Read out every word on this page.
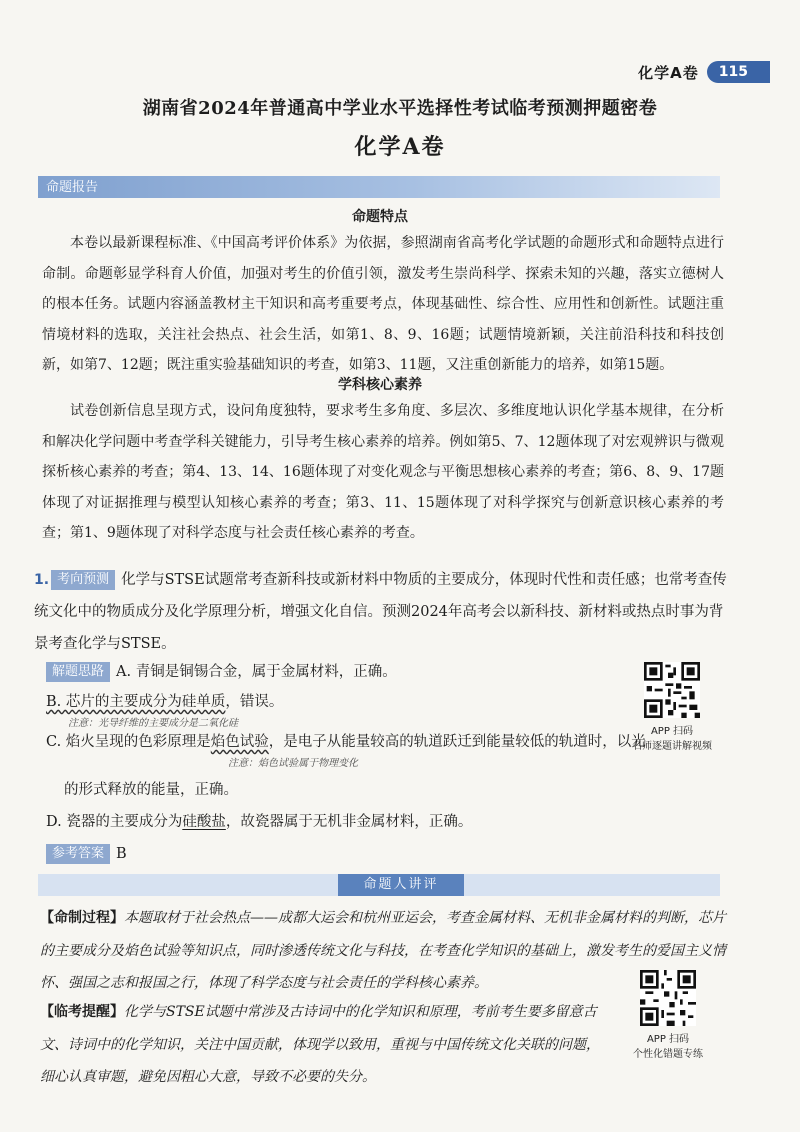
化学A卷	115
湖南省2024年普通高中学业水平选择性考试临考预测押题密卷
化学A卷
命题报告
命题特点

本卷以最新课程标准、《中国高考评价体系》为依据，参照湖南省高考化学试题的命题形式和命题特点进行命制。命题彰显学科育人价值，加强对考生的价值引领，激发考生崇尚科学、探索未知的兴趣，落实立德树人的根本任务。试题内容涵盖教材主干知识和高考重要考点，体现基础性、综合性、应用性和创新性。试题注重情境材料的选取，关注社会热点、社会生活，如第1、8、9、16题；试题情境新颖，关注前沿科技和科技创新，如第7、12题；既注重实验基础知识的考查，如第3、11题，又注重创新能力的培养，如第15题。

学科核心素养

试卷创新信息呈现方式，设问角度独特，要求考生多角度、多层次、多维度地认识化学基本规律，在分析和解决化学问题中考查学科关键能力，引导考生核心素养的培养。例如第5、7、12题体现了对宏观辨识与微观探析核心素养的考查；第4、13、14、16题体现了对变化观念与平衡思想核心素养的考查；第6、8、9、17题体现了对证据推理与模型认知核心素养的考查；第3、11、15题体现了对科学探究与创新意识核心素养的考查；第1、9题体现了对科学态度与社会责任核心素养的考查。

1. 考向预测 化学与STSE试题常考查新科技或新材料中物质的主要成分，体现时代性和责任感；也常考查传统文化中的物质成分及化学原理分析，增强文化自信。预测2024年高考会以新科技、新材料或热点时事为背景考查化学与STSE。
解题思路 A. 青铜是铜锡合金，属于金属材料，正确。
B. 芯片的主要成分为硅单质，错误。
注意：光导纤维的主要成分是二氧化硅
C. 焰火呈现的色彩原理是焰色试验，是电子从能量较高的轨道跃迁到能量较低的轨道时，以光
注意：焰色试验属于物理变化
的形式释放的能量，正确。
D. 瓷器的主要成分为硅酸盐，故瓷器属于无机非金属材料，正确。
参考答案 B
APP 扫码
名师逐题讲解视频
命题人讲评
【命制过程】本题取材于社会热点——成都大运会和杭州亚运会，考查金属材料、无机非金属材料的判断，芯片的主要成分及焰色试验等知识点，同时渗透传统文化与科技，在考查化学知识的基础上，激发考生的爱国主义情怀、强国之志和报国之行，体现了科学态度与社会责任的学科核心素养。
【临考提醒】化学与STSE试题中常涉及古诗词中的化学知识和原理，考前考生要多留意古文、诗词中的化学知识，关注中国贡献，体现学以致用，重视与中国传统文化关联的问题，细心认真审题，避免因粗心大意，导致不必要的失分。
APP 扫码
个性化错题专练
